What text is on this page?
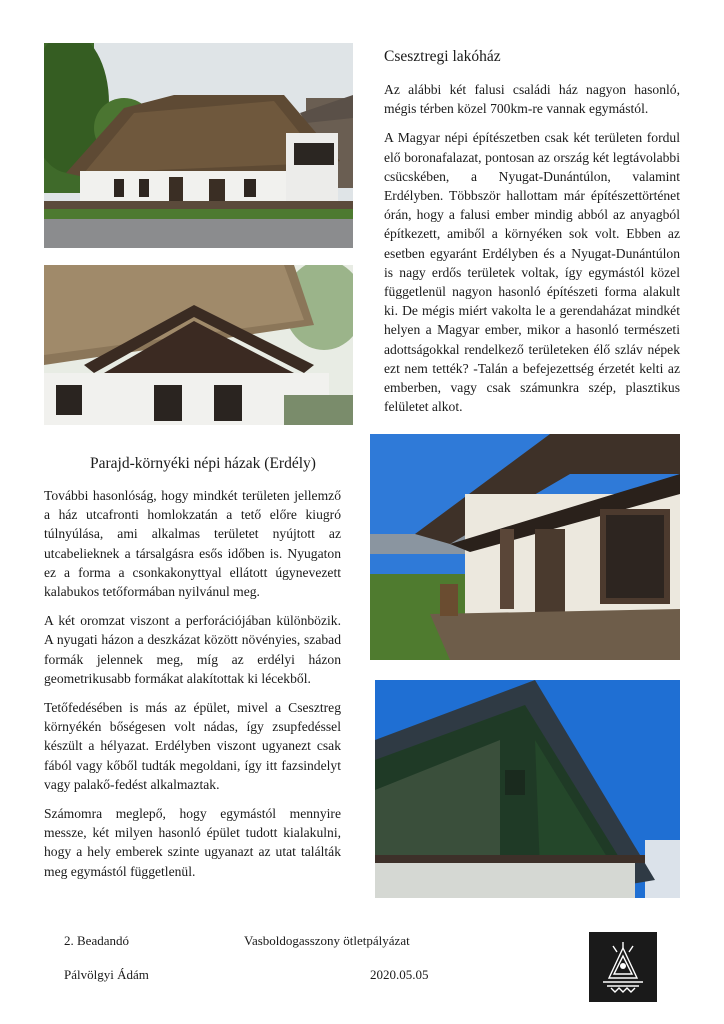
Csesztregi lakóház

Az alábbi két falusi családi ház nagyon hasonló, mégis térben közel 700km-re vannak egymástól.

A Magyar népi építészetben csak két területen fordul elő boronafalazat, pontosan az ország két legtávolabbi csücskében, a Nyugat-Dunántúlon, valamint Erdélyben. Többször hallottam már építészettörténet órán, hogy a falusi ember mindig abból az anyagból építkezett, amiből a környéken sok volt. Ebben az esetben egyaránt Erdélyben és a Nyugat-Dunántúlon is nagy erdős területek voltak, így egymástól közel függetlenül nagyon hasonló építészeti forma alakult ki. De mégis miért vakolta le a gerendaházat mindkét helyen a Magyar ember, mikor a hasonló természeti adottságokkal rendelkező területeken élő szláv népek ezt nem tették? -Talán a befejezettség érzetét kelti az emberben, vagy csak számunkra szép, plasztikus felületet alkot.

Parajd-környéki népi házak (Erdély)

További hasonlóság, hogy mindkét területen jellemző a ház utcafronti homlokzatán a tető előre kiugró túlnyúlása, ami alkalmas területet nyújtott az utcabelieknek a társalgásra esős időben is. Nyugaton ez a forma a csonkakonyttyal ellátott úgynevezett kalabukos tetőformában nyilvánul meg.

A két oromzat viszont a perforációjában különbözik. A nyugati házon a deszkázat között növényies, szabad formák jelennek meg, míg az erdélyi házon geometrikusabb formákat alakítottak ki lécekből.

Tetőfedésében is más az épület, mivel a Csesztreg környékén bőségesen volt nádas, így zsupfedéssel készült a hélyazat. Erdélyben viszont ugyanezt csak fából vagy kőből tudták megoldani, így itt fazsindelyt vagy palakő-fedést alkalmaztak.

Számomra meglepő, hogy egymástól mennyire messze, két milyen hasonló épület tudott kialakulni, hogy a hely emberek szinte ugyanazt az utat találták meg egymástól függetlenül.

2. Beadandó	Vasboldogasszony ötletpályázat
Pálvölgyi Ádám	2020.05.05
